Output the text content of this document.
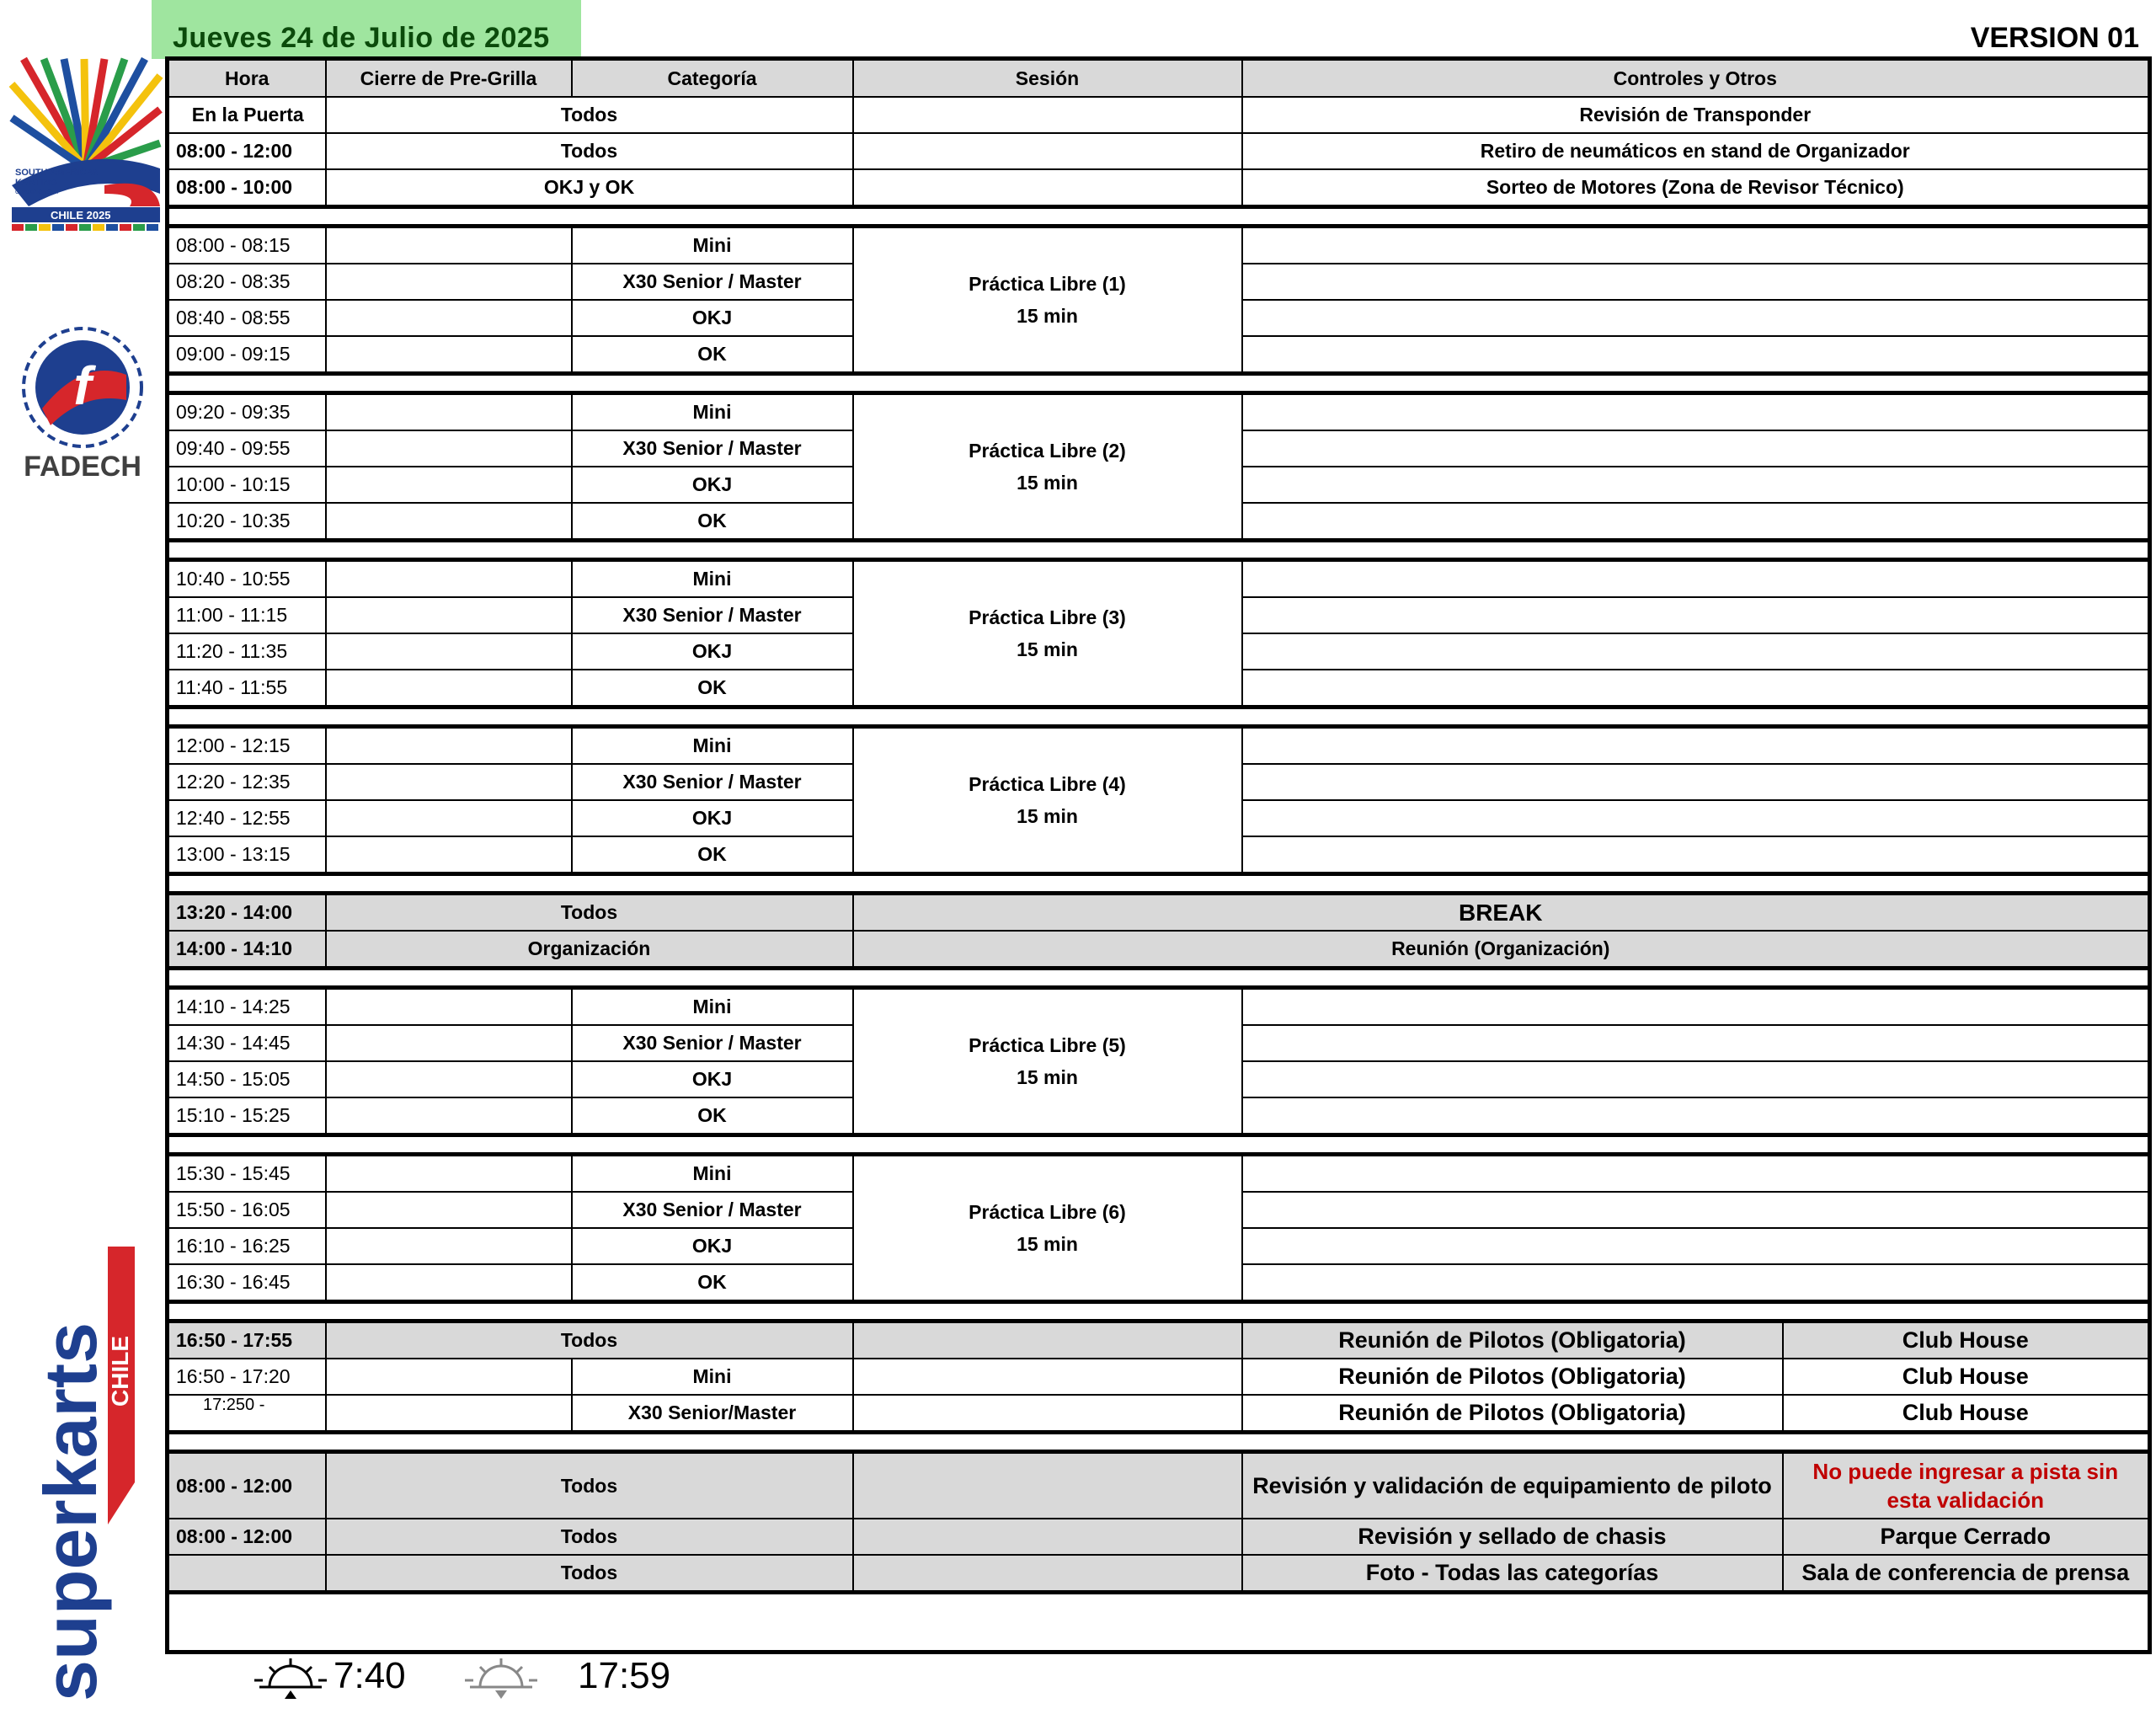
Jueves 24 de Julio de 2025	VERSION 01
SOUTH AMERICAN
KARTING
CHAMPIONSHIP
CHILE 2025
f
FADECH
superkarts
CHILE
Hora	Cierre de Pre-Grilla	Categoría	Sesión	Controles y Otros	
En la Puerta	Todos			Revisión de Transponder	
08:00 - 12:00	Todos			Retiro de neumáticos en stand de Organizador	
08:00 - 10:00	OKJ y OK			Sorteo de Motores (Zona de Revisor Técnico)	

08:00 - 08:15		Mini	Práctica Libre (1)
15 min		
08:20 - 08:35		X30 Senior / Master			
08:40 - 08:55		OKJ			
09:00 - 09:15		OK			

09:20 - 09:35		Mini	Práctica Libre (2)
15 min		
09:40 - 09:55		X30 Senior / Master			
10:00 - 10:15		OKJ			
10:20 - 10:35		OK			

10:40 - 10:55		Mini	Práctica Libre (3)
15 min		
11:00 - 11:15		X30 Senior / Master			
11:20 - 11:35		OKJ			
11:40 - 11:55		OK			

12:00 - 12:15		Mini	Práctica Libre (4)
15 min		
12:20 - 12:35		X30 Senior / Master			
12:40 - 12:55		OKJ			
13:00 - 13:15		OK			

13:20 - 14:00	Todos		BREAK		
14:00 - 14:10	Organización		Reunión (Organización)		

14:10 - 14:25		Mini	Práctica Libre (5)
15 min		
14:30 - 14:45		X30 Senior / Master			
14:50 - 15:05		OKJ			
15:10 - 15:25		OK			

15:30 - 15:45		Mini	Práctica Libre (6)
15 min		
15:50 - 16:05		X30 Senior / Master			
16:10 - 16:25		OKJ			
16:30 - 16:45		OK			

16:50 - 17:55	Todos			Reunión de Pilotos (Obligatoria)	Club House
16:50 - 17:20		Mini		Reunión de Pilotos (Obligatoria)	Club House
17:250 -		X30 Senior/Master		Reunión de Pilotos (Obligatoria)	Club House

08:00 - 12:00	Todos			Revisión y validación de equipamiento de piloto	No puede ingresar a pista sin esta validación
08:00 - 12:00	Todos			Revisión y sellado de chasis	Parque Cerrado
	Todos			Foto - Todas las categorías	Sala de conferencia de prensa

7:40	17:59
